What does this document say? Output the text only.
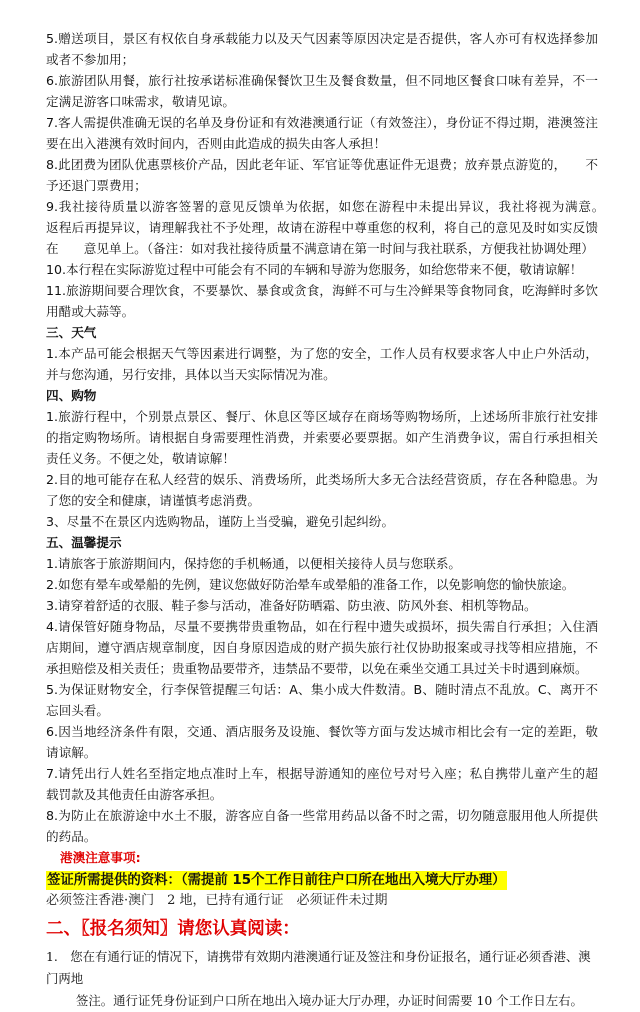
5.赠送项目，景区有权依自身承载能力以及天气因素等原因决定是否提供，客人亦可有权选择参加或者不参加用；

6.旅游团队用餐，旅行社按承诺标准确保餐饮卫生及餐食数量，但不同地区餐食口味有差异，不一定满足游客口味需求，敬请见谅。

7.客人需提供准确无误的名单及身份证和有效港澳通行证（有效签注），身份证不得过期，港澳签注要在出入港澳有效时间内，否则由此造成的损失由客人承担！

8.此团费为团队优惠票核价产品，因此老年证、军官证等优惠证件无退费；放弃景点游览的，　　不予还退门票费用；

9.我社接待质量以游客签署的意见反馈单为依据，如您在游程中未提出异议，我社将视为满意。　　返程后再提异议，请理解我社不予处理，故请在游程中尊重您的权利，将自己的意见及时如实反馈在　　意见单上。（备注：如对我社接待质量不满意请在第一时间与我社联系，方便我社协调处理）

10.本行程在实际游览过程中可能会有不同的车辆和导游为您服务，如给您带来不便，敬请谅解！

11.旅游期间要合理饮食，不要暴饮、暴食或贪食，海鲜不可与生冷鲜果等食物同食，吃海鲜时多饮用醋或大蒜等。

三、天气

1.本产品可能会根据天气等因素进行调整，为了您的安全，工作人员有权要求客人中止户外活动，并与您沟通，另行安排，具体以当天实际情况为准。

四、购物

1.旅游行程中，个别景点景区、餐厅、休息区等区域存在商场等购物场所，上述场所非旅行社安排的指定购物场所。请根据自身需要理性消费，并索要必要票据。如产生消费争议，需自行承担相关责任义务。不便之处，敬请谅解！

2.目的地可能存在私人经营的娱乐、消费场所，此类场所大多无合法经营资质，存在各种隐患。为了您的安全和健康，请谨慎考虑消费。

3、尽量不在景区内选购物品，谨防上当受骗，避免引起纠纷。

五、温馨提示

1.请旅客于旅游期间内，保持您的手机畅通，以便相关接待人员与您联系。

2.如您有晕车或晕船的先例，建议您做好防治晕车或晕船的准备工作，以免影响您的愉快旅途。

3.请穿着舒适的衣服、鞋子参与活动，准备好防晒霜、防虫液、防风外套、相机等物品。

4.请保管好随身物品，尽量不要携带贵重物品，如在行程中遗失或损坏，损失需自行承担；入住酒店期间，遵守酒店规章制度，因自身原因造成的财产损失旅行社仅协助报案或寻找等相应措施，不承担赔偿及相关责任；贵重物品要带齐，违禁品不要带，以免在乘坐交通工具过关卡时遇到麻烦。

5.为保证财物安全，行李保管提醒三句话：A、集小成大件数清。B、随时清点不乱放。C、离开不忘回头看。

6.因当地经济条件有限，交通、酒店服务及设施、餐饮等方面与发达城市相比会有一定的差距，敬请谅解。

7.请凭出行人姓名至指定地点准时上车，根据导游通知的座位号对号入座；私自携带儿童产生的超载罚款及其他责任由游客承担。

8.为防止在旅游途中水土不服，游客应自备一些常用药品以备不时之需，切勿随意服用他人所提供的药品。

港澳注意事项:

签证所需提供的资料：（需提前 15个工作日前往户口所在地出入境大厅办理）

必须签注香港·澳门　2 地，已持有通行证　必须证件未过期

二、〖报名须知〗请您认真阅读：

1.　您在有通行证的情况下，请携带有效期内港澳通行证及签注和身份证报名，通行证必须香港、澳门两地

签注。通行证凭身份证到户口所在地出入境办证大厅办理，办证时间需要 10 个工作日左右。
